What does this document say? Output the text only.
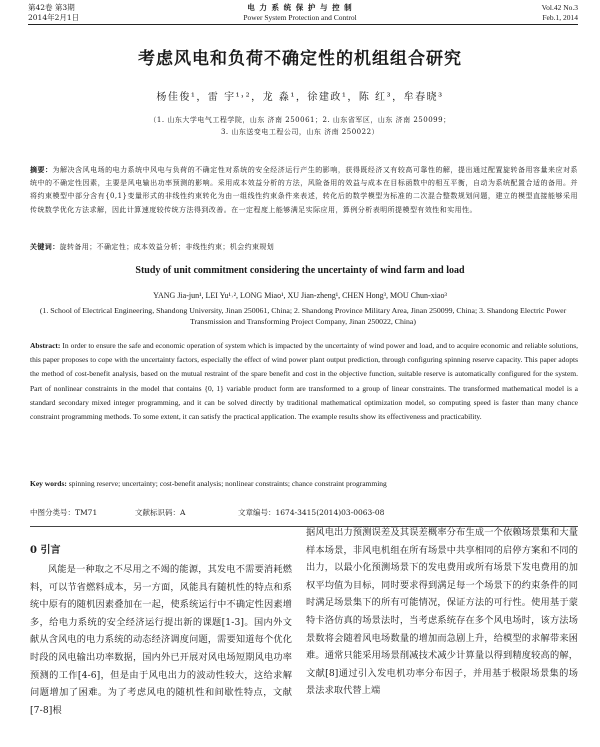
第42卷 第3期
2014年2月1日
电 力 系 统 保 护 与 控 制
Power System Protection and Control
Vol.42 No.3
Feb.1, 2014
考虑风电和负荷不确定性的机组组合研究
杨佳俊¹，雷 宇¹˒²，龙 淼¹，徐建政¹，陈 红³，牟春晓³
（1. 山东大学电气工程学院，山东 济南 250061；2. 山东省军区，山东 济南 250099；
3. 山东送变电工程公司，山东 济南 250022）
摘要：为解决含风电场的电力系统中风电与负荷的不确定性对系统的安全经济运行产生的影响，获得既经济又有较高可靠性的解，提出通过配置旋转备用容量来应对系统中的不确定性因素，主要是风电输出功率预测的影响。采用成本效益分析的方法，风险备用的效益与成本在目标函数中的相互平衡，自动为系统配置合适的备用。并将约束模型中部分含有{0,1}变量形式的非线性约束转化为由一组线性约束条件来表述，转化后的数学模型为标准的二次混合整数规划问题，建立的模型直接能够采用传统数学优化方法求解，因此计算速度较传统方法得到改善。在一定程度上能够满足实际应用，算例分析表明所提模型有效性和实用性。
关键词：旋转备用；不确定性；成本效益分析；非线性约束；机会约束规划
Study of unit commitment considering the uncertainty of wind farm and load
YANG Jia-jun¹, LEI Yu¹˒², LONG Miao¹, XU Jian-zheng¹, CHEN Hong³, MOU Chun-xiao³
(1. School of Electrical Engineering, Shandong University, Jinan 250061, China; 2. Shandong Province Military Area, Jinan 250099, China; 3. Shandong Electric Power Transmission and Transforming Project Company, Jinan 250022, China)
Abstract: In order to ensure the safe and economic operation of system which is impacted by the uncertainty of wind power and load, and to acquire economic and reliable solutions, this paper proposes to cope with the uncertainty factors, especially the effect of wind power plant output prediction, through configuring spinning reserve capacity. This paper adopts the method of cost-benefit analysis, based on the mutual restraint of the spare benefit and cost in the objective function, suitable reserve is automatically configured for the system. Part of nonlinear constraints in the model that contains {0, 1} variable product form are transformed to a group of linear constraints. The transformed mathematical model is a standard secondary mixed integer programming, and it can be solved directly by traditional mathematical optimization model, so computing speed is faster than many chance constraint programming methods. To some extent, it can satisfy the practical application. The example results show its effectiveness and practicability.
Key words: spinning reserve; uncertainty; cost-benefit analysis; nonlinear constraints; chance constraint programming
中图分类号：TM71	文献标识码：A	文章编号：1674-3415(2014)03-0063-08
0 引言
风能是一种取之不尽用之不竭的能源，其发电不需要消耗燃料，可以节省燃料成本，另一方面，风能具有随机性的特点和系统中原有的随机因素叠加在一起，使系统运行中不确定性因素增多，给电力系统的安全经济运行提出新的课题[1-3]。国内外文献从含风电的电力系统的动态经济调度问题，需要知道每个优化时段的风电输出功率数据，国内外已开展对风电场短期风电功率预测的工作[4-6]，但是由于风电出力的波动性较大，这给求解问题增加了困难。为了考虑风电的随机性和间歇性特点，文献[7-8]根
据风电出力预测误差及其误差概率分布生成一个依赖场景集和大量样本场景，非风电机组在所有场景中共享相同的启停方案和不同的出力，以最小化预测场景下的发电费用或所有场景下发电费用的加权平均值为目标，同时要求得到满足每一个场景下的约束条件的同时满足场景集下的所有可能情况，保证方法的可行性。使用基于蒙特卡洛仿真的场景法时，当考虑系统存在多个风电场时，该方法场景数将会随着风电场数量的增加而急剧上升，给模型的求解带来困难。通常只能采用场景削减技术减少计算量以得到精度较高的解，文献[8]通过引入发电机功率分布因子，并用基于极限场景集的场景法求取代替上端
